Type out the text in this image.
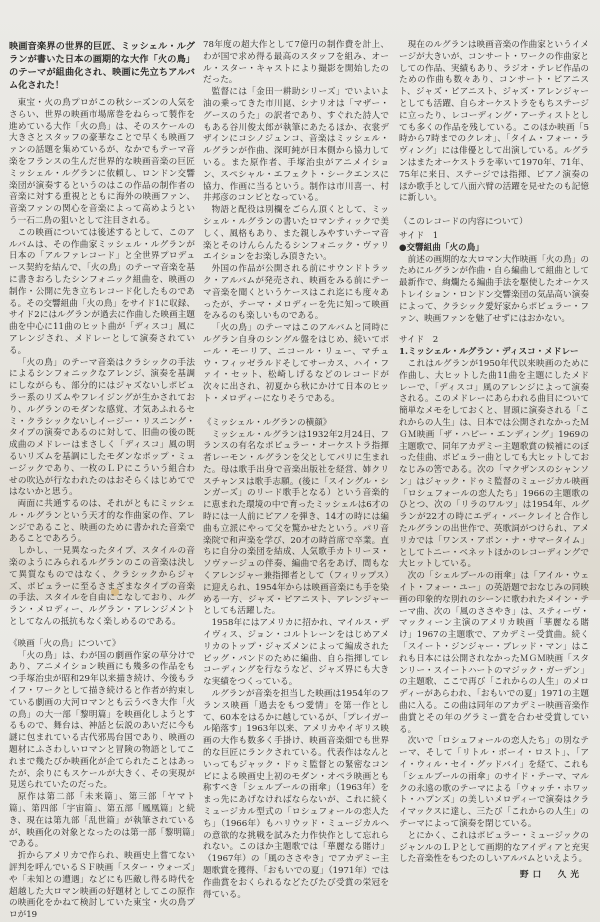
映画音楽界の世界的巨匠、ミッシェル・ルグランが書いた日本の画期的な大作「火の鳥」のテーマが組曲化され、映画に先立ちアルバム化された！

東宝・火の鳥プロがこの秋シーズンの人気をさらい、世界の映画市場席巻をねらって製作を進めている大作「火の鳥」は、そのスケールの大きさとスタッフの豪華なことで早くも映画ファンの話題を集めているが、なかでもテーマ音楽をフランスの生んだ世界的な映画音楽の巨匠ミッシェル・ルグランに依頼し、ロンドン交響楽団が演奏するというのはこの作品の制作者の音楽に対する重視とともに海外の映画ファン、音楽ファンの関心を音楽によって高めようという一石二鳥の狙いとして注目される。

この映画については後述するとして、このアルバムは、その作曲家ミッシェル・ルグランが日本の「アルファレコード」と全世界プロデュース契約を結んで、「火の鳥」のテーマ音楽を基に書きおろしたシンフォニック組曲を、映画の制作・公開に先き立ちレコード化したものである。その交響組曲「火の鳥」をサイド1に収録、サイド2にはルグランが過去に作曲した映画主題曲を中心に11曲のヒット曲が「ディスコ」風にアレンジされ、メドレーとして演奏されている。

「火の鳥」のテーマ音楽はクラシックの手法によるシンフォニックなアレンジ、演奏を基調にしながらも、部分的にはジャズないしポピュラー系のリズムやフレイジングが生かされており、ルグランのモダンな感覚、才気あふれるセミ・クラシックないしイージー・リスニング・タイプの演奏であるのに対して、旧曲の後の既成曲のメドレーはまさしく「ディスコ」風の明るいリズムを基調にしたモダンなポップ・ミュージックであり、一枚のＬＰにこういう組合わせの吹込が行なわれたのはおそらくはじめてではないかと思う。

両面に共通するのは、それがともにミッシェル・ルグランという天才的な作曲家の作、アレンジであること、映画のために書かれた音楽であることであろう。

しかし、一見異なったタイプ、スタイルの音楽のようにみられるルグランのこの音楽は決して異質なものではなく、クラシックからジャズ、ポピュラーに至るさまざまなタイプの音楽の手法、スタイルを自由にこなしており、ルグラン・メロディー、ルグラン・アレンジメントとしてなんの抵抗もなく楽しめるのである。

《映画「火の鳥」について》

「火の鳥」は、わが国の劇画作家の草分けであり、アニメイション映画にも幾多の作品をもつ手塚治虫が昭和29年以来描き続け、今後もライフ・ワークとして描き続けると作者が約束している劇画の大河ロマンとも云うべき大作「火の鳥」の大一部「黎明篇」を映画化しようとするもので、舞台は、神話と伝説のあいだに今も謎に包まれている古代邪馬台国であり、映画の題材にふさわしいロマンと冒険の物語としてこれまで幾たびか映画化が企てられたことはあったが、余りにもスケールが大きく、その実現が見送られていたのだった。

原作は第二部「未来篇」、第三部「ヤマト篇」、第四部「宇宙篇」、第五部「鳳凰篇」と続き、現在は第九部「乱世篇」が執筆されているが、映画化の対象となったのは第一部「黎明篇」である。

折からアメリカで作られ、映画史上嘗てない評判を呼んでいるＳＦ映画「スター・ウォーズ」や「未知との遭遇」などにも匹敵し得る時代を超越した大ロマン映画の好題材としてこの原作の映画化をかねて検討していた東宝・火の鳥プロが19

78年度の超大作として7億円の制作費を計上、わが国で求め得る最高のスタッフを組み、オール・スター・キャストにより撮影を開始したのだった。

監督には「金田一耕助シリーズ」でいよいよ油の乗ってきた市川崑、シナリオは「マザー・グースのうた」の訳者であり、すぐれた詩人でもある谷川俊太郎が執筆にあたるほか、衣裳デザインにコシノジュンコ、音楽はミッシェル・ルグランが作曲、深町純が日本側から協力している。また原作者、手塚治虫がアニメイション、スペシャル・エフェクト・シークエンスに協力、作画に当るという。制作は市川喜一、村井邦彦のコンビとなっている。

物語と配役は別欄をごらん頂くとして、ミッシェル・ルグランの書いたロマンティックで美しく、風格もあり、また親しみやすいテーマ音楽とそのけんらんたるシンフォニック・ヴァリエイションをお楽しみ頂きたい。

外国の作品が公開される前にサウンドトラック・アルバムが発売され、映画をみる前にテーマ音楽を聞くというケースはこれ迄にも度々あったが、テーマ・メロディーを先に知って映画をみるのも楽しいものである。

「火の鳥」のテーマはこのアルバムと同時にルグラン自身のシングル盤をはじめ、続いてポール・モーリア、ニコール・リュー、マチュウ・フィッゼラルドそしてサーカス、ハイ・ファイ・セット、松崎しげるなどのレコードが次々に出され、初夏から秋にかけて日本のヒット・メロディーになりそうである。

《ミッシェル・ルグランの横顔》

ミッシェル・ルグランは1932年2月24日、フランスの有名なポピュラー・オーケストラ指揮者レーモン・ルグランを父としてパリに生まれた。母は歌手出身で音楽出版社を経営、姉クリスチャンヌは歌手志願。(後に「スイングル・シンガーズ」のリード歌手となる）という音楽的に恵まれた環境の中で育ったミッシェルは6才の時には一人前にピアノを弾き、14才の時には編曲も立派にやって父を驚かせたという。パリ音楽院で和声楽を学び、20才の時首席で卒業。直ちに自分の楽団を結成、人気歌手カトリーヌ・ソヴァージュの伴奏、編曲で名をあげ、間もなくアレンジャー兼指揮者として（フィリップス）に迎えられ、1954年からは映画音楽にも手を染める一方、ジャズ・ピアニスト、アレンジャーとしても活躍した。

1958年にはアメリカに招かれ、マイルス・デイヴィス、ジョン・コルトレーンをはじめアメリカのトップ・ジャズメンによって編成されたビッグ・バンドのために編曲、自ら指揮してレコーディングを行なうなど、ジャズ界にも大きな実績をつくっている。

ルグランが音楽を担当した映画は1954年のフランス映画「過去をもつ愛情」を第一作として、60本をはるかに越しているが、「プレイガール陥落す」1963年以来、アメリカやイギリス映画の大作も数多く手掛け、映画音楽畑でも世界的な巨匠にランクされている。代表作はなんといってもジャック・ドゥミ監督との緊密なコンビによる映画史上初のモダン・オペラ映画とも称すべき「シェルブールの雨傘」（1963年）をまっ先にあげなければならないが、これに続くミュージカル型式の「ロシュフォールの恋人たち」（1966年）もハリウッド・ミュージカルへの意欲的な挑戦を試みた力作快作として忘れられない。このほか主題歌では「華麗なる賭け」（1967年）の「風のささやき」でアカデミー主題歌賞を獲得、「おもいでの夏」（1971年）では作曲賞をおくられるなどたびたび受賞の栄冠を得ている。

現在のルグランは映画音楽の作曲家というイメージが大きいが、コンサート・ワークの作曲家としての作品、実績もあり、ラジオ・テレビ作品のための作曲も数々あり、コンサート・ピアニスト、ジャズ・ピアニスト、ジャズ・アレンジャーとしても活躍、自らオーケストラをもちステージに立ったり、レコーディング・アーティストとしても多くの作品を残している。このほか映画「5時から7時までのクレオ」、「タイム・フォー・ラヴィング」には俳優として出演している。ルグランはまたオーケストラを率いて1970年、71年、75年に来日、ステージでは指揮、ピアノ演奏のほか歌手として八面六臂の活躍を見せたのも記憶に新しい。

（このレコードの内容について）
サイド　1
●交響組曲「火の鳥」

前述の画期的な大ロマン大作映画「火の鳥」のためにルグランが作曲・自ら編曲して組曲として最新作で、絢爛たる編曲手法を駆使したオーケストレイション・ロンドン交響楽団の気品高い演奏によって、クラシック愛好家からポピュラー・ファン、映画ファンを魅了せずにはおかない。

サイド　2
1.ミッシェル・ルグラン・ディスコ・メドレー

これはルグランが1950年代以来映画のために作曲し、大ヒットした曲11曲を主題にしたメドレーで、「ディスコ」風のアレンジによって演奏される。このメドレーにあらわれる曲目について簡単なメモをしておくと、冒頭に演奏される「これからの人生」は、日本では公開されなかったＭＧＭ映画「ザ・ハピー・エンディング」1969の主題歌で、同年アカデミー主題歌賞の候補にのぼった佳曲、ポピュラー曲としても大ヒットしておなじみの筈である。次の「マクザンスのシャンソン」はジャック・ドゥミ監督のミュージカル映画「ロシュフォールの恋人たち」1966の主題歌のひとつ、次の「リラのワルツ」は1954年、ルグランが22才の時にエディ・バークレイと合作したルグランの出世作で、英歌詞がつけられ、アメリカでは「ワンス・アポン・ナ・サマータイム」としてトニー・ベネットほかのレコーディングで大ヒットしている。

次の「シェルブールの雨傘」は「アイル・ウェイト・フォー・ユー」の英語題でおなじみの同映画の印象的な別れのシーンに歌われたメイン・テーマ曲、次の「風のささやき」は、スティーヴ・マックィーン主演のアメリカ映画「華麗なる賭け」1967の主題歌で、アカデミー受賞曲。続く「スイート・ジンジャー・ブレッド・マン」はこれも日本には公開されなかったＭＧＭ映画「スタンリー・スイートハートのマジック・ガーデン」の主題歌、ここで再び「これからの人生」のメロディーがあらわれ、「おもいでの夏」1971の主題曲に入る。この曲は同年のアカデミー映画音楽作曲賞とその年のグラミー賞を合わせ受賞している。

次いで「ロシュフォールの恋人たち」の別なテーマ、そして「リトル・ボーイ・ロスト」、「アイ・ウィル・セイ・グッドバイ」を経て、これも「シェルブールの雨傘」のサイド・テーマ、マルクの永遠の歌のテーマによる「ウォッチ・ホワット・ハプンズ」の美しいメロディーで演奏はクライマックスに達し、三たび「これからの人生」のテーマによって演奏を閉じている。

とにかく、これはポピュラー・ミュージックのジャンルのＬＰとして画期的なアイディアと充実した音楽性をもつたのしいアルバムといえよう。

野口　久光
